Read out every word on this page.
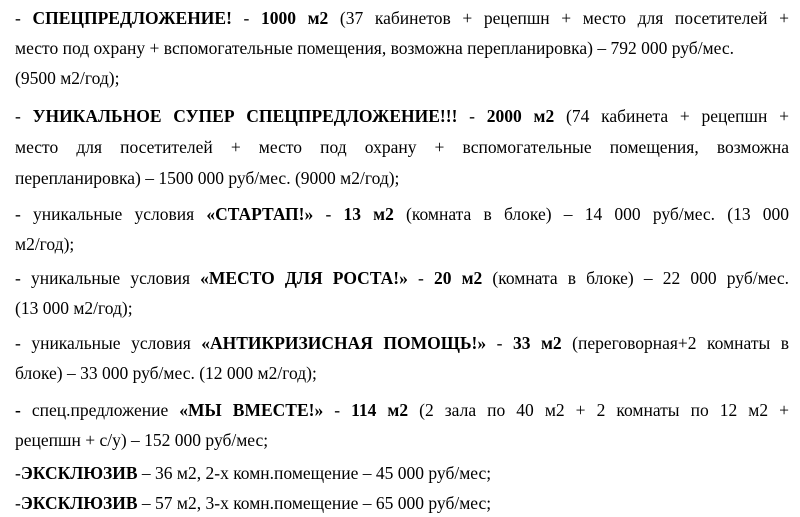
- СПЕЦПРЕДЛОЖЕНИЕ! - 1000 м2 (37 кабинетов + рецепшн + место для посетителей +
место под охрану + вспомогательные помещения, возможна перепланировка) – 792 000 руб/мес.
(9500 м2/год);
- УНИКАЛЬНОЕ СУПЕР СПЕЦПРЕДЛОЖЕНИЕ!!! - 2000 м2 (74 кабинета + рецепшн +
место для посетителей + место под охрану + вспомогательные помещения, возможна
перепланировка) – 1500 000 руб/мес. (9000 м2/год);
- уникальные условия «СТАРТАП!» - 13 м2 (комната в блоке) – 14 000 руб/мес. (13 000
м2/год);
- уникальные условия «МЕСТО ДЛЯ РОСТА!» - 20 м2 (комната в блоке) – 22 000 руб/мес.
(13 000 м2/год);
- уникальные условия «АНТИКРИЗИСНАЯ ПОМОЩЬ!» - 33 м2 (переговорная+2 комнаты в
блоке) – 33 000 руб/мес. (12 000 м2/год);
- спец.предложение «МЫ ВМЕСТЕ!» - 114 м2 (2 зала по 40 м2 + 2 комнаты по 12 м2 +
рецепшн + с/у) – 152 000 руб/мес;
-ЭКСКЛЮЗИВ – 36 м2, 2-х комн.помещение – 45 000 руб/мес;
-ЭКСКЛЮЗИВ – 57 м2, 3-х комн.помещение – 65 000 руб/мес;
